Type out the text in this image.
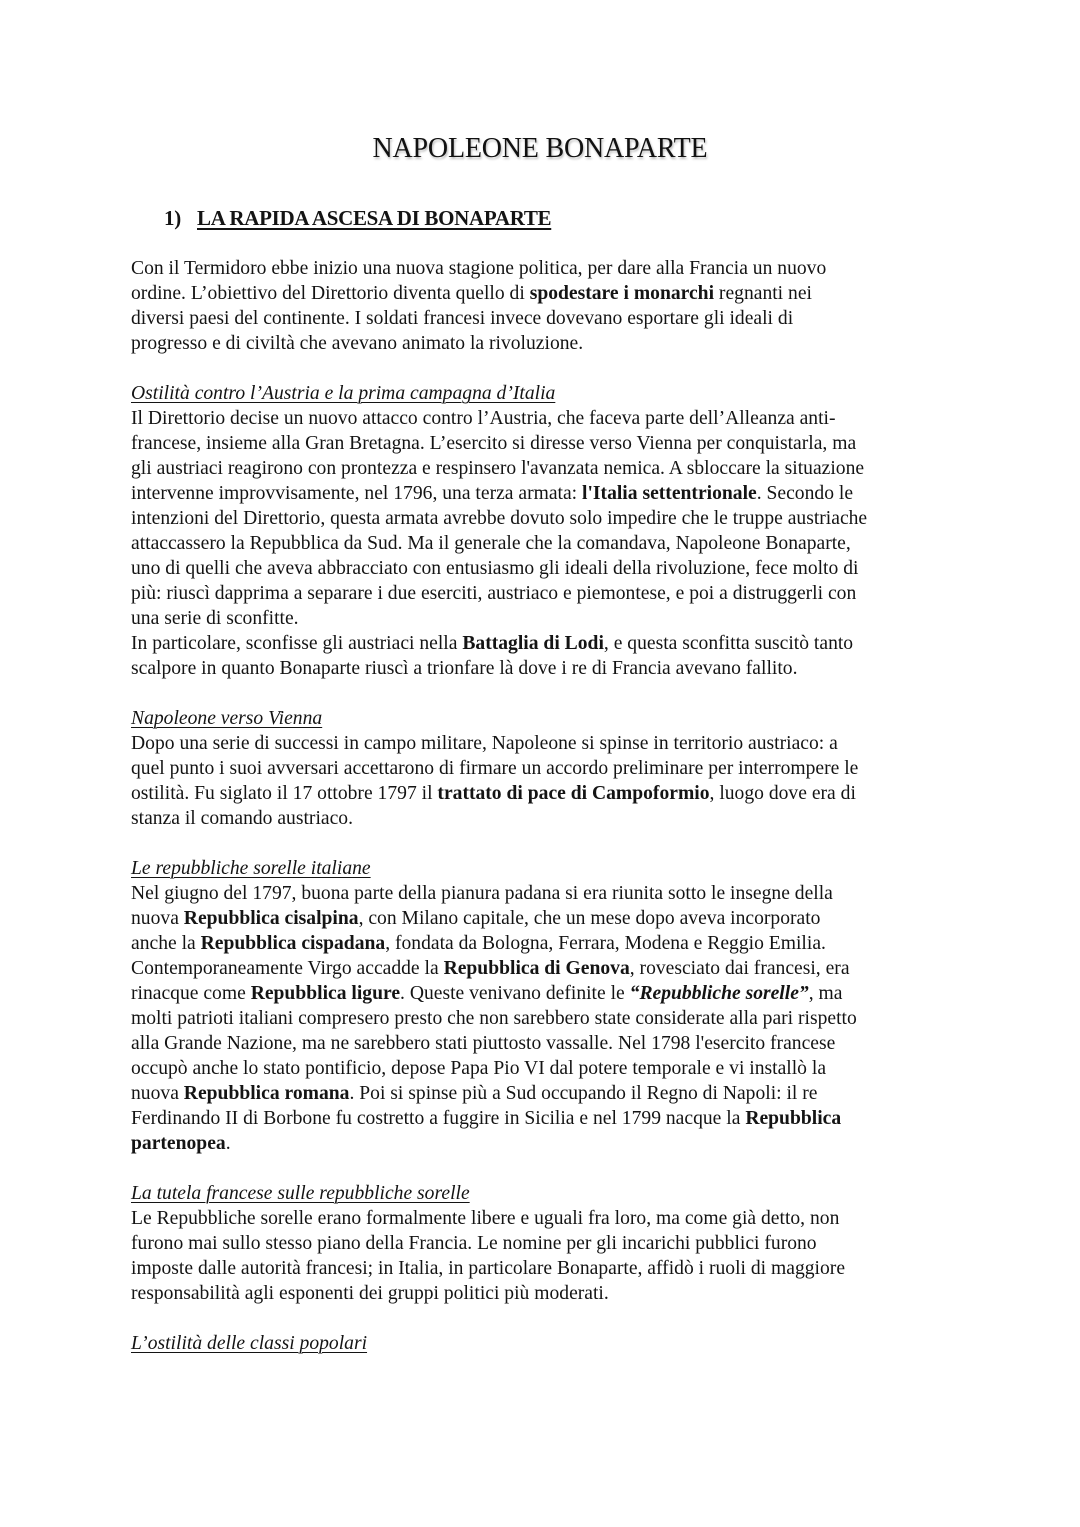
NAPOLEONE BONAPARTE
1) LA RAPIDA ASCESA DI BONAPARTE
Con il Termidoro ebbe inizio una nuova stagione politica, per dare alla Francia un nuovo
ordine. L’obiettivo del Direttorio diventa quello di spodestare i monarchi regnanti nei
diversi paesi del continente. I soldati francesi invece dovevano esportare gli ideali di
progresso e di civiltà che avevano animato la rivoluzione.
Ostilità contro l’Austria e la prima campagna d’Italia
Il Direttorio decise un nuovo attacco contro l’Austria, che faceva parte dell’Alleanza anti-
francese, insieme alla Gran Bretagna. L’esercito si diresse verso Vienna per conquistarla, ma
gli austriaci reagirono con prontezza e respinsero l'avanzata nemica. A sbloccare la situazione
intervenne improvvisamente, nel 1796, una terza armata: l'Italia settentrionale. Secondo le
intenzioni del Direttorio, questa armata avrebbe dovuto solo impedire che le truppe austriache
attaccassero la Repubblica da Sud. Ma il generale che la comandava, Napoleone Bonaparte,
uno di quelli che aveva abbracciato con entusiasmo gli ideali della rivoluzione, fece molto di
più: riuscì dapprima a separare i due eserciti, austriaco e piemontese, e poi a distruggerli con
una serie di sconfitte.
In particolare, sconfisse gli austriaci nella Battaglia di Lodi, e questa sconfitta suscitò tanto
scalpore in quanto Bonaparte riuscì a trionfare là dove i re di Francia avevano fallito.
Napoleone verso Vienna
Dopo una serie di successi in campo militare, Napoleone si spinse in territorio austriaco: a
quel punto i suoi avversari accettarono di firmare un accordo preliminare per interrompere le
ostilità. Fu siglato il 17 ottobre 1797 il trattato di pace di Campoformio, luogo dove era di
stanza il comando austriaco.
Le repubbliche sorelle italiane
Nel giugno del 1797, buona parte della pianura padana si era riunita sotto le insegne della
nuova Repubblica cisalpina, con Milano capitale, che un mese dopo aveva incorporato
anche la Repubblica cispadana, fondata da Bologna, Ferrara, Modena e Reggio Emilia.
Contemporaneamente Virgo accadde la Repubblica di Genova, rovesciato dai francesi, era
rinacque come Repubblica ligure. Queste venivano definite le “Repubbliche sorelle”, ma
molti patrioti italiani compresero presto che non sarebbero state considerate alla pari rispetto
alla Grande Nazione, ma ne sarebbero stati piuttosto vassalle. Nel 1798 l'esercito francese
occupò anche lo stato pontificio, depose Papa Pio VI dal potere temporale e vi installò la
nuova Repubblica romana. Poi si spinse più a Sud occupando il Regno di Napoli: il re
Ferdinando II di Borbone fu costretto a fuggire in Sicilia e nel 1799 nacque la Repubblica
partenopea.
La tutela francese sulle repubbliche sorelle
Le Repubbliche sorelle erano formalmente libere e uguali fra loro, ma come già detto, non
furono mai sullo stesso piano della Francia. Le nomine per gli incarichi pubblici furono
imposte dalle autorità francesi; in Italia, in particolare Bonaparte, affidò i ruoli di maggiore
responsabilità agli esponenti dei gruppi politici più moderati.
L’ostilità delle classi popolari
